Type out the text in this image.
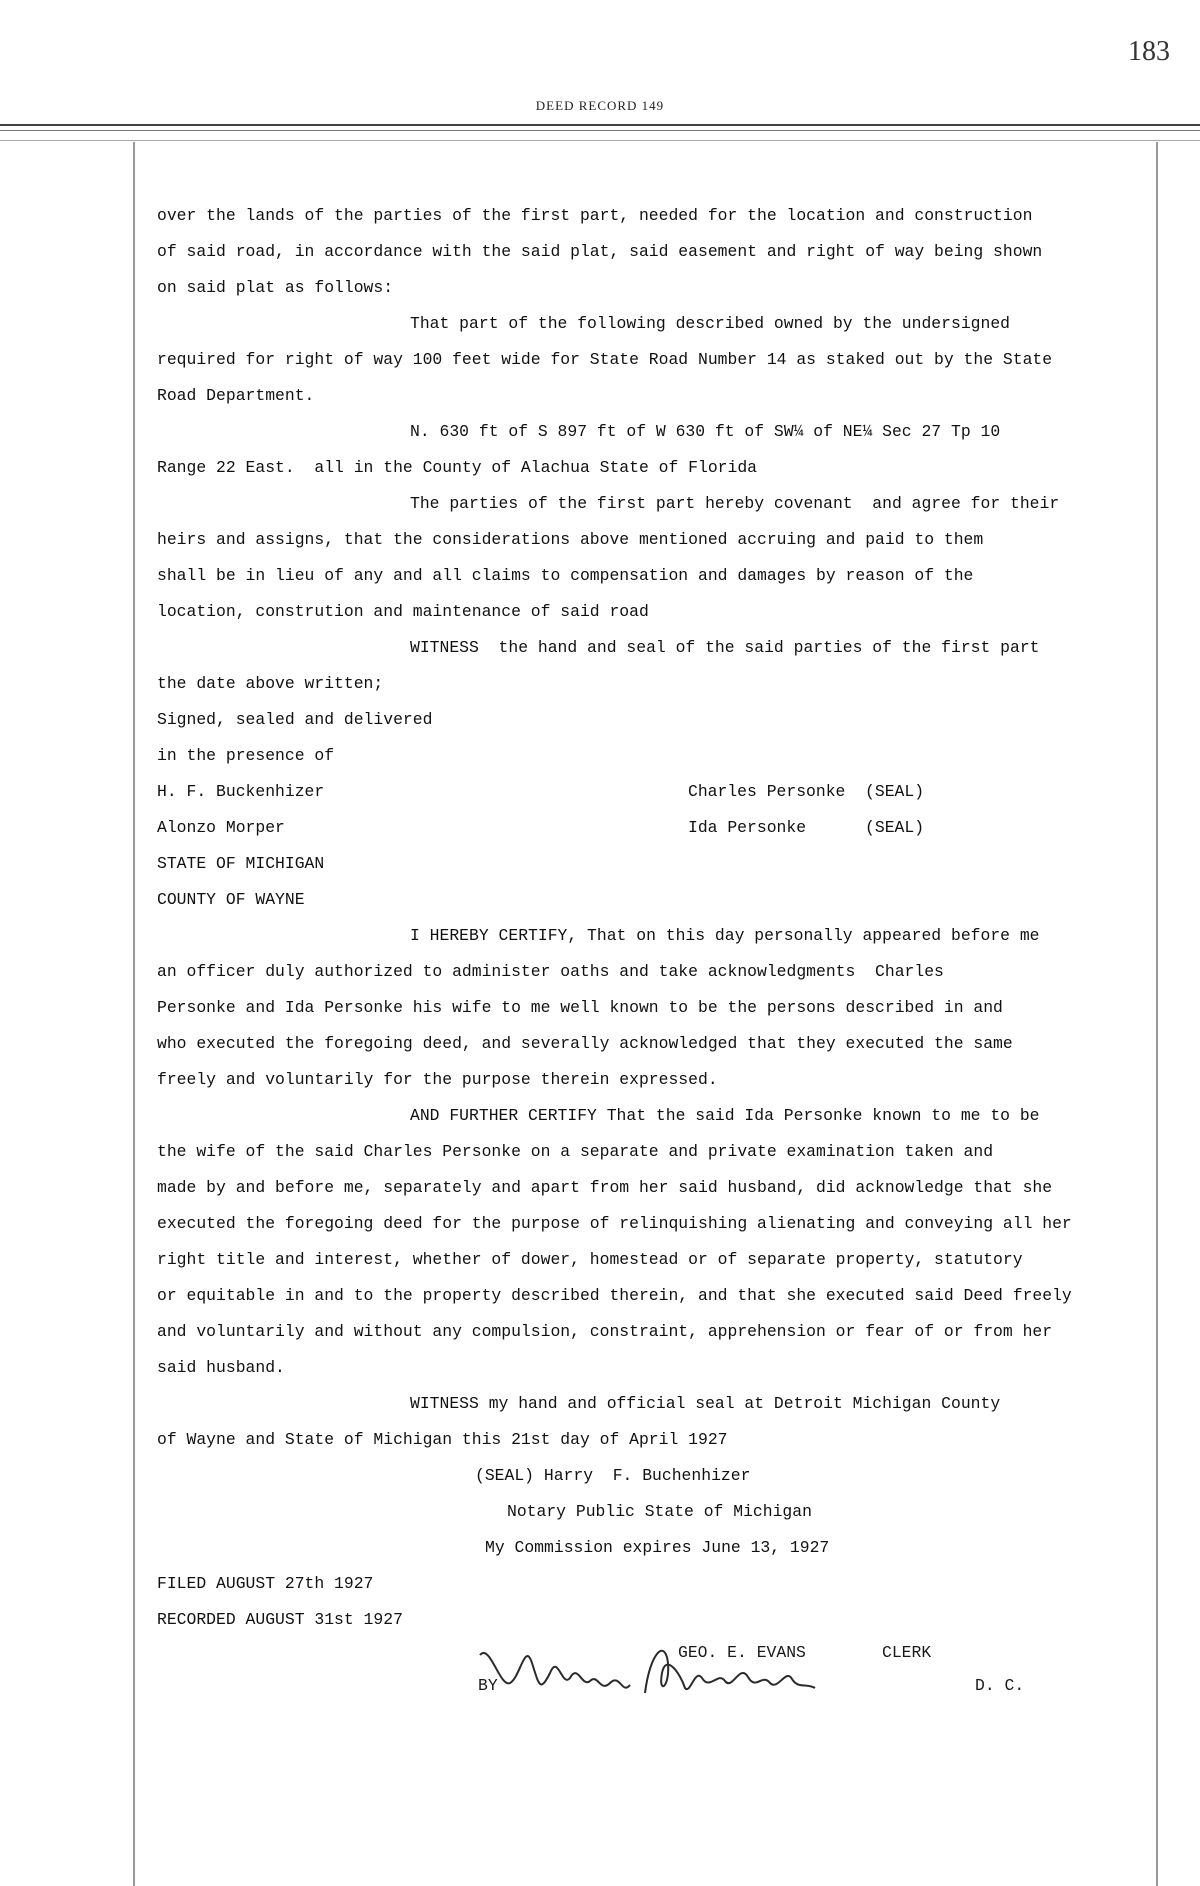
183
DEED RECORD 149
over the lands of the parties of the first part, needed for the location and construction
of said road, in accordance with the said plat, said easement and right of way being shown
on said plat as follows:
That part of the following described owned by the undersigned
required for right of way 100 feet wide for State Road Number 14 as staked out by the State
Road Department.
N. 630 ft of S 897 ft of W 630 ft of SW¼ of NE¼ Sec 27 Tp 10
Range 22 East.  all in the County of Alachua State of Florida
The parties of the first part hereby covenant  and agree for their
heirs and assigns, that the considerations above mentioned accruing and paid to them
shall be in lieu of any and all claims to compensation and damages by reason of the
location, constrution and maintenance of said road
WITNESS  the hand and seal of the said parties of the first part
the date above written;
Signed, sealed and delivered
in the presence of
H. F. Buckenhizer	Charles Personke  (SEAL)
Alonzo Morper	Ida Personke      (SEAL)
STATE OF MICHIGAN
COUNTY OF WAYNE
I HEREBY CERTIFY, That on this day personally appeared before me
an officer duly authorized to administer oaths and take acknowledgments  Charles
Personke and Ida Personke his wife to me well known to be the persons described in and
who executed the foregoing deed, and severally acknowledged that they executed the same
freely and voluntarily for the purpose therein expressed.
AND FURTHER CERTIFY That the said Ida Personke known to me to be
the wife of the said Charles Personke on a separate and private examination taken and
made by and before me, separately and apart from her said husband, did acknowledge that she
executed the foregoing deed for the purpose of relinquishing alienating and conveying all her
right title and interest, whether of dower, homestead or of separate property, statutory
or equitable in and to the property described therein, and that she executed said Deed freely
and voluntarily and without any compulsion, constraint, apprehension or fear of or from her
said husband.
WITNESS my hand and official seal at Detroit Michigan County
of Wayne and State of Michigan this 21st day of April 1927
(SEAL) Harry  F. Buchenhizer
Notary Public State of Michigan
My Commission expires June 13, 1927
FILED AUGUST 27th 1927
RECORDED AUGUST 31st 1927
BY
GEO. E. EVANS	CLERK
D. C.
